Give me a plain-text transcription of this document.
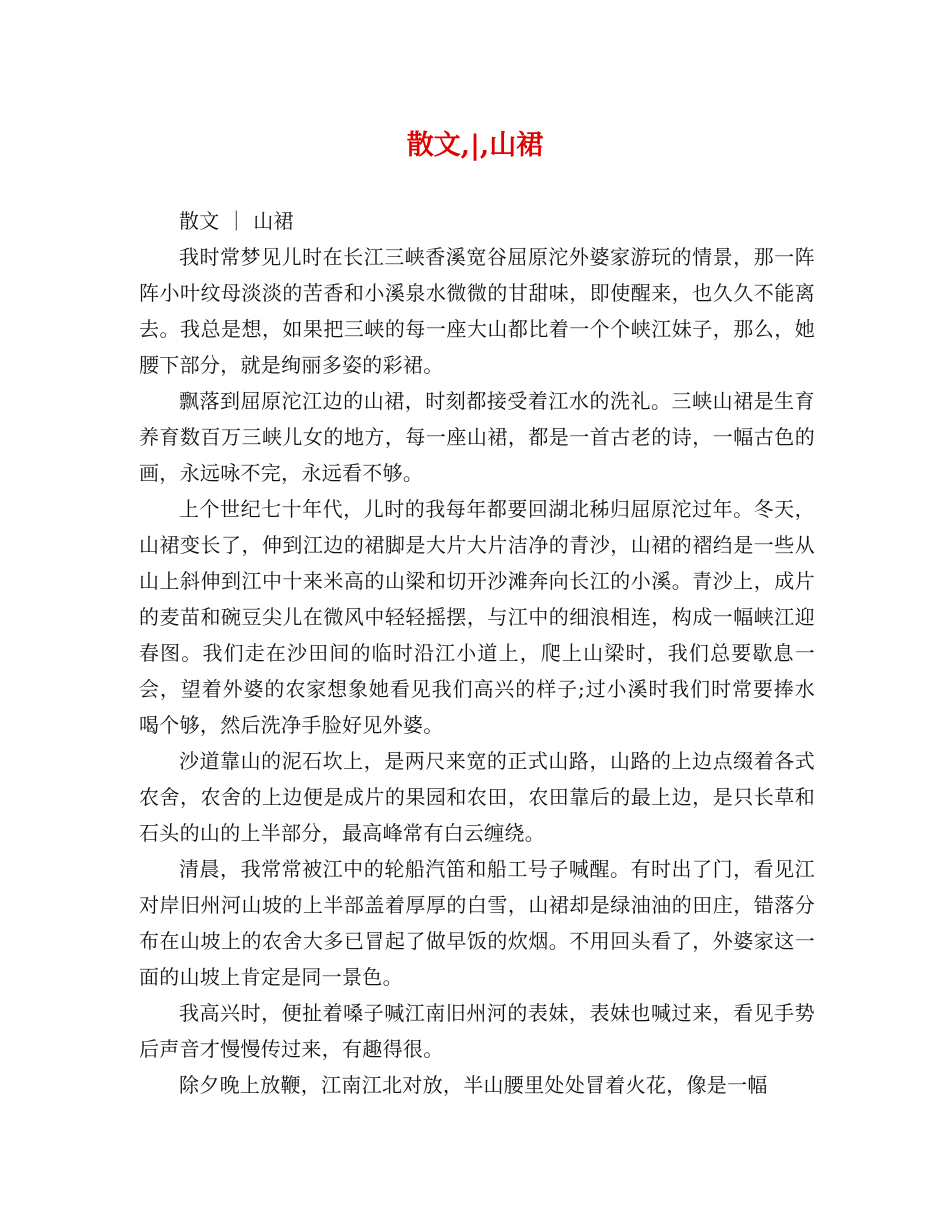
散文,|,山裙

散文 ｜ 山裙

我时常梦见儿时在长江三峡香溪宽谷屈原沱外婆家游玩的情景，那一阵阵小叶纹母淡淡的苦香和小溪泉水微微的甘甜味，即使醒来，也久久不能离去。我总是想，如果把三峡的每一座大山都比着一个个峡江妹子，那么，她腰下部分，就是绚丽多姿的彩裙。

飘落到屈原沱江边的山裙，时刻都接受着江水的洗礼。三峡山裙是生育养育数百万三峡儿女的地方，每一座山裙，都是一首古老的诗，一幅古色的画，永远咏不完，永远看不够。

上个世纪七十年代，儿时的我每年都要回湖北秭归屈原沱过年。冬天，山裙变长了，伸到江边的裙脚是大片大片洁净的青沙，山裙的褶绉是一些从山上斜伸到江中十来米高的山梁和切开沙滩奔向长江的小溪。青沙上，成片的麦苗和碗豆尖儿在微风中轻轻摇摆，与江中的细浪相连，构成一幅峡江迎春图。我们走在沙田间的临时沿江小道上，爬上山梁时，我们总要歇息一会，望着外婆的农家想象她看见我们高兴的样子;过小溪时我们时常要捧水喝个够，然后洗净手脸好见外婆。

沙道靠山的泥石坎上，是两尺来宽的正式山路，山路的上边点缀着各式农舍，农舍的上边便是成片的果园和农田，农田靠后的最上边，是只长草和石头的山的上半部分，最高峰常有白云缠绕。

清晨，我常常被江中的轮船汽笛和船工号子喊醒。有时出了门，看见江对岸旧州河山坡的上半部盖着厚厚的白雪，山裙却是绿油油的田庄，错落分布在山坡上的农舍大多已冒起了做早饭的炊烟。不用回头看了，外婆家这一面的山坡上肯定是同一景色。

我高兴时，便扯着嗓子喊江南旧州河的表妹，表妹也喊过来，看见手势后声音才慢慢传过来，有趣得很。

除夕晚上放鞭，江南江北对放，半山腰里处处冒着火花，像是一幅
